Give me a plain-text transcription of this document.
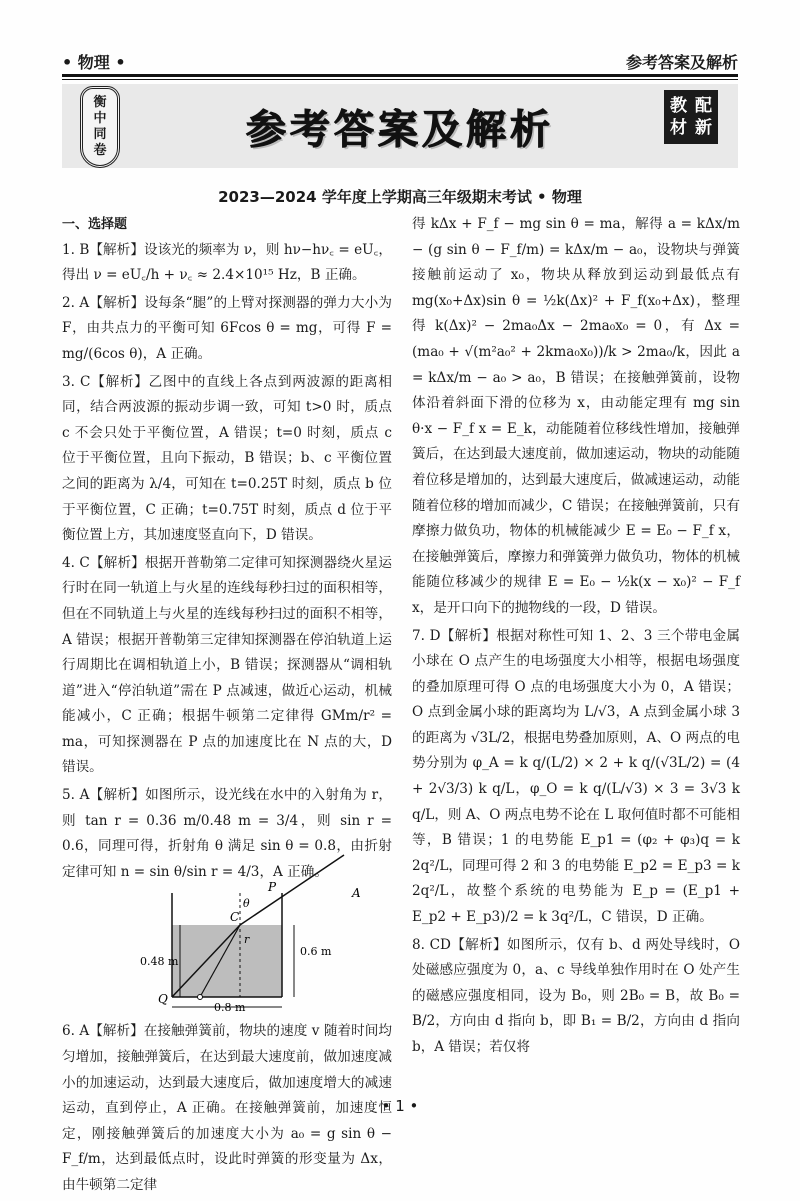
• 物理 •	参考答案及解析
衡
中
同
卷	参考答案及解析
教 配
材 新
2023—2024 学年度上学期高三年级期末考试 • 物理
一、选择题

1. B【解析】设该光的频率为 ν，则 hν−hν꜀ = eU꜀，得出 ν = eU꜀/h + ν꜀ ≈ 2.4×10¹⁵ Hz，B 正确。

2. A【解析】设每条“腿”的上臂对探测器的弹力大小为 F，由共点力的平衡可知 6Fcos θ = mg，可得 F = mg/(6cos θ)，A 正确。

3. C【解析】乙图中的直线上各点到两波源的距离相同，结合两波源的振动步调一致，可知 t>0 时，质点 c 不会只处于平衡位置，A 错误；t=0 时刻，质点 c 位于平衡位置，且向下振动，B 错误；b、c 平衡位置之间的距离为 λ/4，可知在 t=0.25T 时刻，质点 b 位于平衡位置，C 正确；t=0.75T 时刻，质点 d 位于平衡位置上方，其加速度竖直向下，D 错误。

4. C【解析】根据开普勒第二定律可知探测器绕火星运行时在同一轨道上与火星的连线每秒扫过的面积相等，但在不同轨道上与火星的连线每秒扫过的面积不相等，A 错误；根据开普勒第三定律知探测器在停泊轨道上运行周期比在调相轨道上小，B 错误；探测器从“调相轨道”进入“停泊轨道”需在 P 点减速，做近心运动，机械能减小，C 正确；根据牛顿第二定律得 GMm/r² = ma，可知探测器在 P 点的加速度比在 N 点的大，D 错误。

5. A【解析】如图所示，设光线在水中的入射角为 r，则 tan r = 0.36 m/0.48 m = 3/4，则 sin r = 0.6，同理可得，折射角 θ 满足 sin θ = 0.8，由折射定律可知 n = sin θ/sin r = 4/3，A 正确。

A
P
θ
C
r
Q
0.48 m
0.6 m
0.8 m

6. A【解析】在接触弹簧前，物块的速度 v 随着时间均匀增加，接触弹簧后，在达到最大速度前，做加速度减小的加速运动，达到最大速度后，做加速度增大的减速运动，直到停止，A 正确。在接触弹簧前，加速度恒定，刚接触弹簧后的加速度大小为 a₀ = g sin θ − F_f/m，达到最低点时，设此时弹簧的形变量为 Δx，由牛顿第二定律

得 kΔx + F_f − mg sin θ = ma，解得 a = kΔx/m − (g sin θ − F_f/m) = kΔx/m − a₀，设物块与弹簧接触前运动了 x₀，物块从释放到运动到最低点有 mg(x₀+Δx)sin θ = ½k(Δx)² + F_f(x₀+Δx)，整理得 k(Δx)² − 2ma₀Δx − 2ma₀x₀ = 0，有 Δx = (ma₀ + √(m²a₀² + 2kma₀x₀))/k > 2ma₀/k，因此 a = kΔx/m − a₀ > a₀，B 错误；在接触弹簧前，设物体沿着斜面下滑的位移为 x，由动能定理有 mg sin θ·x − F_f x = E_k，动能随着位移线性增加，接触弹簧后，在达到最大速度前，做加速运动，物块的动能随着位移是增加的，达到最大速度后，做减速运动，动能随着位移的增加而减少，C 错误；在接触弹簧前，只有摩擦力做负功，物体的机械能减少 E = E₀ − F_f x，在接触弹簧后，摩擦力和弹簧弹力做负功，物体的机械能随位移减少的规律 E = E₀ − ½k(x − x₀)² − F_f x，是开口向下的抛物线的一段，D 错误。

7. D【解析】根据对称性可知 1、2、3 三个带电金属小球在 O 点产生的电场强度大小相等，根据电场强度的叠加原理可得 O 点的电场强度大小为 0，A 错误；O 点到金属小球的距离均为 L/√3，A 点到金属小球 3 的距离为 √3L/2，根据电势叠加原则，A、O 两点的电势分别为 φ_A = k q/(L/2) × 2 + k q/(√3L/2) = (4 + 2√3/3) k q/L，φ_O = k q/(L/√3) × 3 = 3√3 k q/L，则 A、O 两点电势不论在 L 取何值时都不可能相等，B 错误；1 的电势能 E_p1 = (φ₂ + φ₃)q = k 2q²/L，同理可得 2 和 3 的电势能 E_p2 = E_p3 = k 2q²/L，故整个系统的电势能为 E_p = (E_p1 + E_p2 + E_p3)/2 = k 3q²/L，C 错误，D 正确。

8. CD【解析】如图所示，仅有 b、d 两处导线时，O 处磁感应强度为 0，a、c 导线单独作用时在 O 处产生的磁感应强度相同，设为 B₀，则 2B₀ = B，故 B₀ = B/2，方向由 d 指向 b，即 B₁ = B/2，方向由 d 指向 b，A 错误；若仅将

• 1 •
